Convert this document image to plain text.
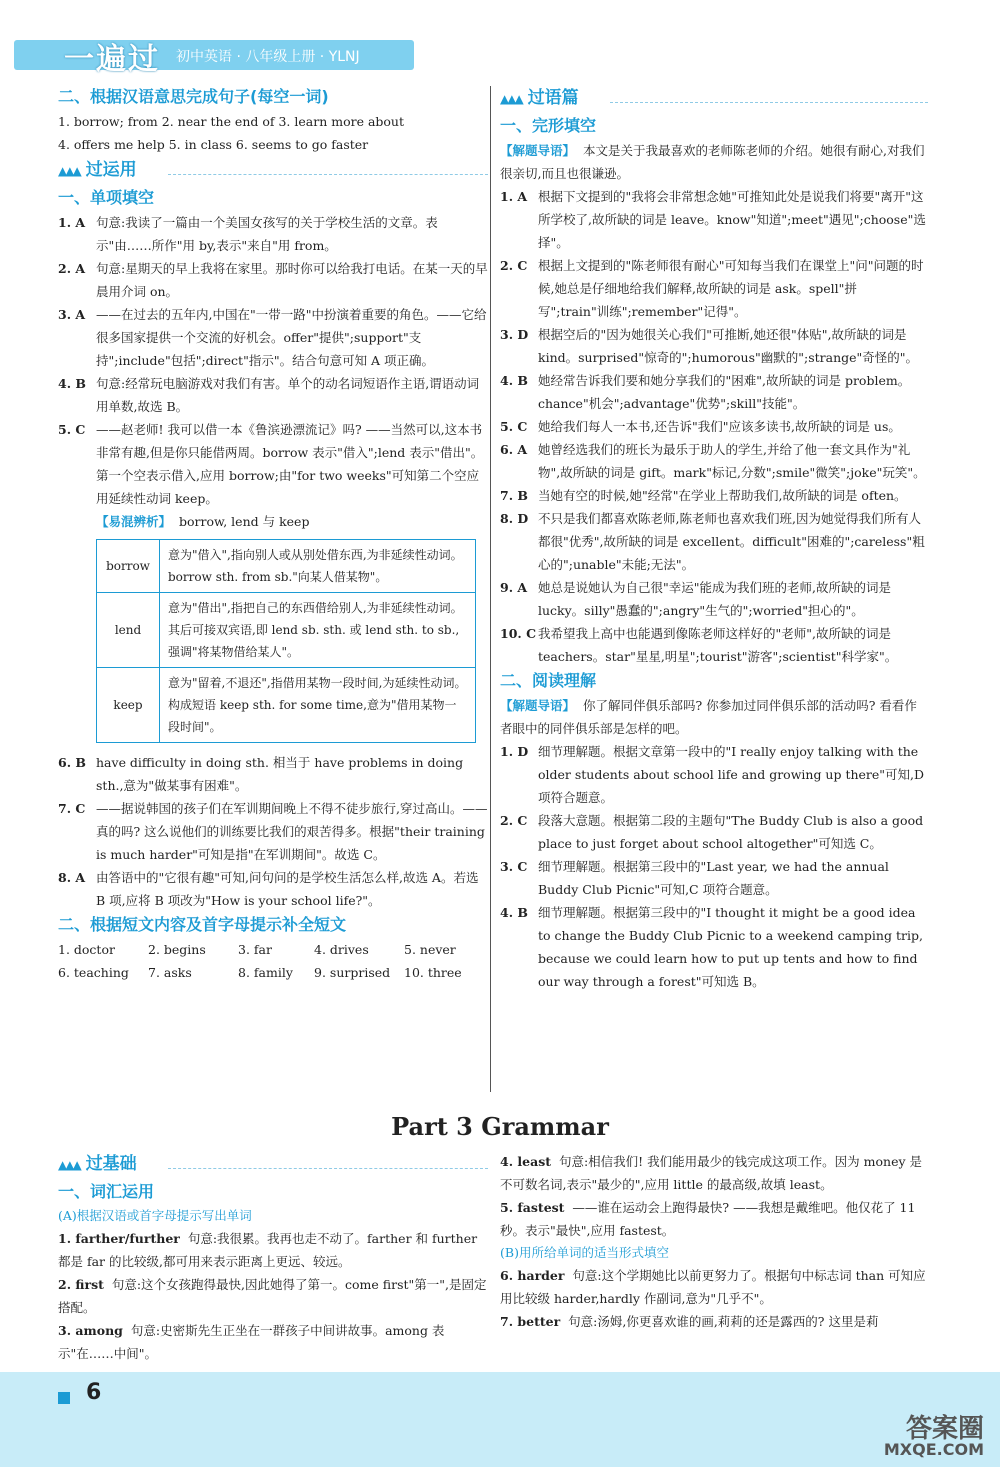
一遍过 初中英语 · 八年级上册 · YLNJ
二、根据汉语意思完成句子(每空一词)
1. borrow; from 2. near the end of 3. learn more about
4. offers me help 5. in class 6. seems to go faster
▲▲▲ 过运用
一、单项填空
1. A 句意:我读了一篇由一个美国女孩写的关于学校生活的文章。表示"由……所作"用 by,表示"来自"用 from。
2. A 句意:星期天的早上我将在家里。那时你可以给我打电话。在某一天的早晨用介词 on。
3. A ——在过去的五年内,中国在"一带一路"中扮演着重要的角色。——它给很多国家提供一个交流的好机会。offer"提供";support"支持";include"包括";direct"指示"。结合句意可知 A 项正确。
4. B 句意:经常玩电脑游戏对我们有害。单个的动名词短语作主语,谓语动词用单数,故选 B。
5. C ——赵老师! 我可以借一本《鲁滨逊漂流记》吗? ——当然可以,这本书非常有趣,但是你只能借两周。borrow 表示"借入";lend 表示"借出"。第一个空表示借入,应用 borrow;由"for two weeks"可知第二个空应用延续性动词 keep。
【易混辨析】 borrow, lend 与 keep
borrow	意为"借入",指向别人或从别处借东西,为非延续性动词。borrow sth. from sb."向某人借某物"。
lend	意为"借出",指把自己的东西借给别人,为非延续性动词。其后可接双宾语,即 lend sb. sth. 或 lend sth. to sb.,强调"将某物借给某人"。
keep	意为"留着,不退还",指借用某物一段时间,为延续性动词。构成短语 keep sth. for some time,意为"借用某物一段时间"。
6. B have difficulty in doing sth. 相当于 have problems in doing sth.,意为"做某事有困难"。
7. C ——据说韩国的孩子们在军训期间晚上不得不徒步旅行,穿过高山。——真的吗? 这么说他们的训练要比我们的艰苦得多。根据"their training is much harder"可知是指"在军训期间"。故选 C。
8. A 由答语中的"它很有趣"可知,问句问的是学校生活怎么样,故选 A。若选 B 项,应将 B 项改为"How is your school life?"。
二、根据短文内容及首字母提示补全短文
1. doctor	2. begins	3. far	4. drives	5. never
6. teaching	7. asks	8. family	9. surprised	10. three
▲▲▲ 过语篇
一、完形填空
【解题导语】 本文是关于我最喜欢的老师陈老师的介绍。她很有耐心,对我们很亲切,而且也很谦逊。
1. A 根据下文提到的"我将会非常想念她"可推知此处是说我们将要"离开"这所学校了,故所缺的词是 leave。know"知道";meet"遇见";choose"选择"。
2. C 根据上文提到的"陈老师很有耐心"可知每当我们在课堂上"问"问题的时候,她总是仔细地给我们解释,故所缺的词是 ask。spell"拼写";train"训练";remember"记得"。
3. D 根据空后的"因为她很关心我们"可推断,她还很"体贴",故所缺的词是 kind。surprised"惊奇的";humorous"幽默的";strange"奇怪的"。
4. B 她经常告诉我们要和她分享我们的"困难",故所缺的词是 problem。chance"机会";advantage"优势";skill"技能"。
5. C 她给我们每人一本书,还告诉"我们"应该多读书,故所缺的词是 us。
6. A 她曾经选我们的班长为最乐于助人的学生,并给了他一套文具作为"礼物",故所缺的词是 gift。mark"标记,分数";smile"微笑";joke"玩笑"。
7. B 当她有空的时候,她"经常"在学业上帮助我们,故所缺的词是 often。
8. D 不只是我们都喜欢陈老师,陈老师也喜欢我们班,因为她觉得我们所有人都很"优秀",故所缺的词是 excellent。difficult"困难的";careless"粗心的";unable"未能;无法"。
9. A 她总是说她认为自己很"幸运"能成为我们班的老师,故所缺的词是 lucky。silly"愚蠢的";angry"生气的";worried"担心的"。
10. C 我希望我上高中也能遇到像陈老师这样好的"老师",故所缺的词是 teachers。star"星星,明星";tourist"游客";scientist"科学家"。
二、阅读理解
【解题导语】 你了解同伴俱乐部吗? 你参加过同伴俱乐部的活动吗? 看看作者眼中的同伴俱乐部是怎样的吧。
1. D 细节理解题。根据文章第一段中的"I really enjoy talking with the older students about school life and growing up there"可知,D 项符合题意。
2. C 段落大意题。根据第二段的主题句"The Buddy Club is also a good place to just forget about school altogether"可知选 C。
3. C 细节理解题。根据第三段中的"Last year, we had the annual Buddy Club Picnic"可知,C 项符合题意。
4. B 细节理解题。根据第三段中的"I thought it might be a good idea to change the Buddy Club Picnic to a weekend camping trip, because we could learn how to put up tents and how to find our way through a forest"可知选 B。
Part 3 Grammar
▲▲▲ 过基础
一、词汇运用
(A)根据汉语或首字母提示写出单词
1. farther/further 句意:我很累。我再也走不动了。farther 和 further 都是 far 的比较级,都可用来表示距离上更远、较远。
2. first 句意:这个女孩跑得最快,因此她得了第一。come first"第一",是固定搭配。
3. among 句意:史密斯先生正坐在一群孩子中间讲故事。among 表示"在……中间"。
4. least 句意:相信我们! 我们能用最少的钱完成这项工作。因为 money 是不可数名词,表示"最少的",应用 little 的最高级,故填 least。
5. fastest ——谁在运动会上跑得最快? ——我想是戴维吧。他仅花了 11 秒。表示"最快",应用 fastest。
(B)用所给单词的适当形式填空
6. harder 句意:这个学期她比以前更努力了。根据句中标志词 than 可知应用比较级 harder,hardly 作副词,意为"几乎不"。
7. better 句意:汤姆,你更喜欢谁的画,莉莉的还是露西的? 这里是莉
6
答案圈
MXQE.COM
